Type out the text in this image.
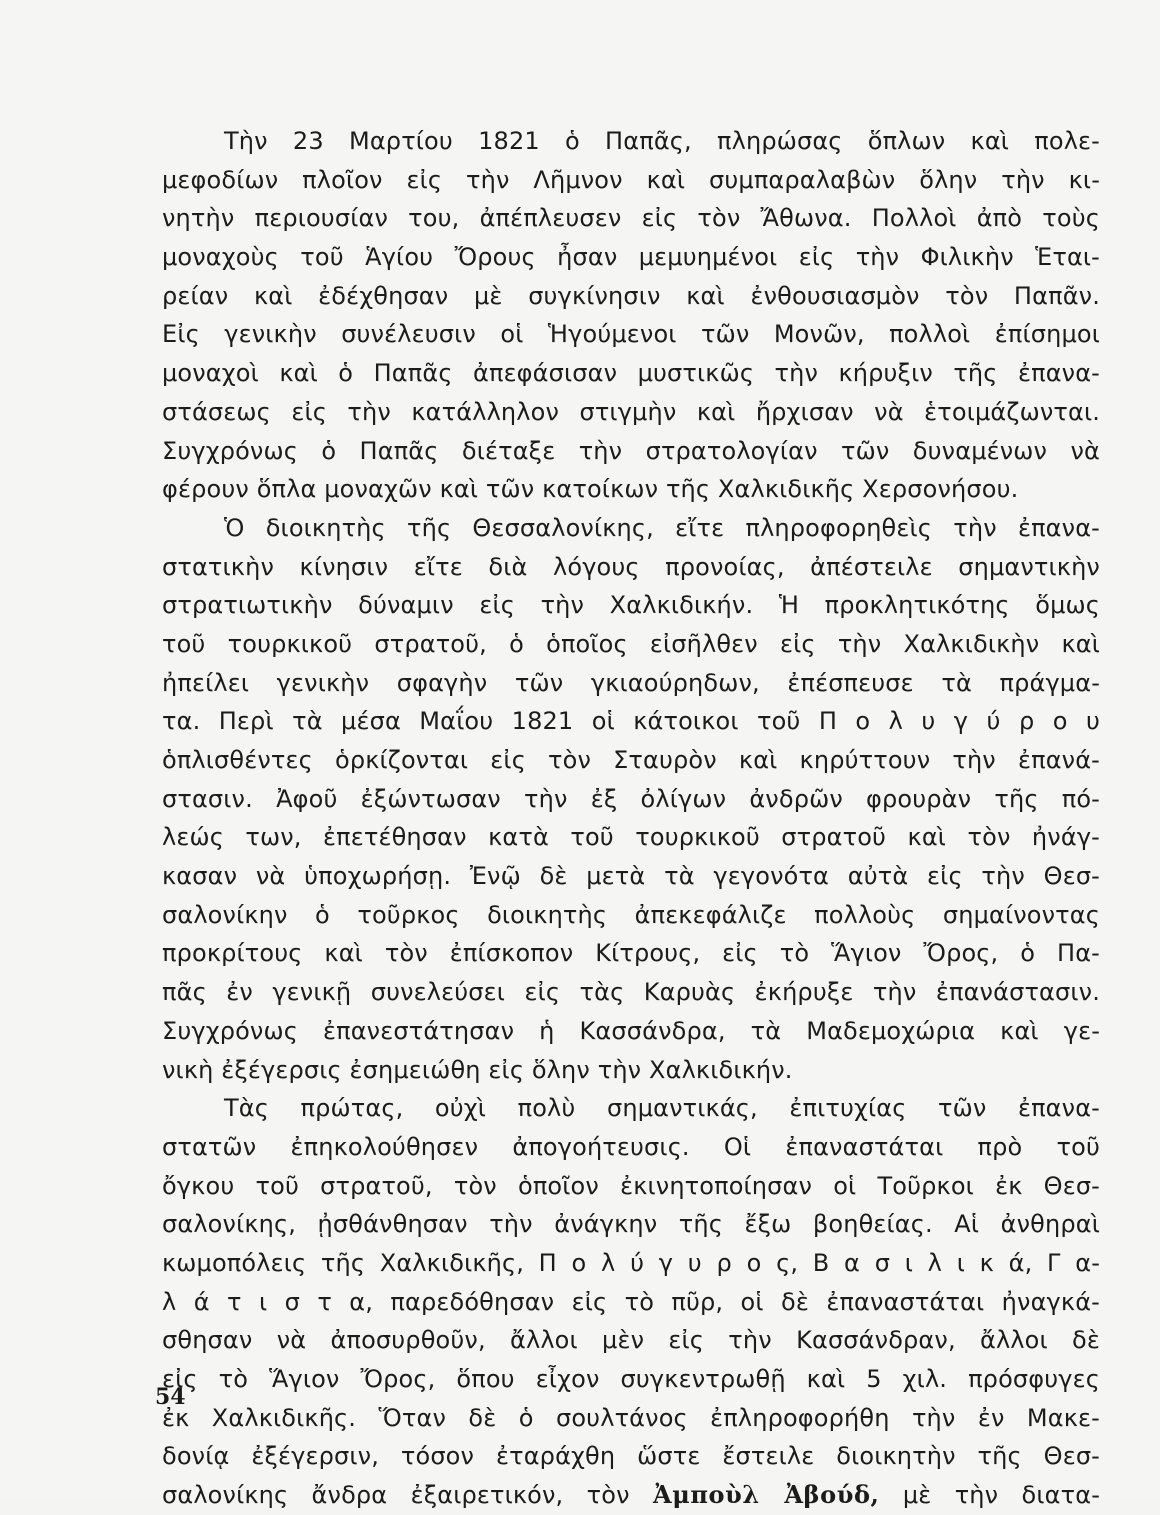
Τὴν 23 Μαρτίου 1821 ὁ Παπᾶς, πληρώσας ὅπλων καὶ πολε-
μεφοδίων πλοῖον εἰς τὴν Λῆμνον καὶ συμπαραλαβὼν ὅλην τὴν κι-
νητὴν περιουσίαν του, ἀπέπλευσεν εἰς τὸν Ἄθωνα. Πολλοὶ ἀπὸ τοὺς
μοναχοὺς τοῦ Ἁγίου Ὄρους ἦσαν μεμυημένοι εἰς τὴν Φιλικὴν Ἑται-
ρείαν καὶ ἐδέχθησαν μὲ συγκίνησιν καὶ ἐνθουσιασμὸν τὸν Παπᾶν.
Εἰς γενικὴν συνέλευσιν οἱ Ἡγούμενοι τῶν Μονῶν, πολλοὶ ἐπίσημοι
μοναχοὶ καὶ ὁ Παπᾶς ἀπεφάσισαν μυστικῶς τὴν κήρυξιν τῆς ἐπανα-
στάσεως εἰς τὴν κατάλληλον στιγμὴν καὶ ἤρχισαν νὰ ἑτοιμάζωνται.
Συγχρόνως ὁ Παπᾶς διέταξε τὴν στρατολογίαν τῶν δυναμένων νὰ
φέρουν ὅπλα μοναχῶν καὶ τῶν κατοίκων τῆς Χαλκιδικῆς Χερσονήσου.
Ὁ διοικητὴς τῆς Θεσσαλονίκης, εἴτε πληροφορηθεὶς τὴν ἐπανα-
στατικὴν κίνησιν εἴτε διὰ λόγους προνοίας, ἀπέστειλε σημαντικὴν
στρατιωτικὴν δύναμιν εἰς τὴν Χαλκιδικήν. Ἡ προκλητικότης ὅμως
τοῦ τουρκικοῦ στρατοῦ, ὁ ὁποῖος εἰσῆλθεν εἰς τὴν Χαλκιδικὴν καὶ
ἠπείλει γενικὴν σφαγὴν τῶν γκιαούρηδων, ἐπέσπευσε τὰ πράγμα-
τα. Περὶ τὰ μέσα Μαΐου 1821 οἱ κάτοικοι τοῦ Π ο λ υ γ ύ ρ ο υ
ὁπλισθέντες ὁρκίζονται εἰς τὸν Σταυρὸν καὶ κηρύττουν τὴν ἐπανά-
στασιν. Ἀφοῦ ἐξώντωσαν τὴν ἐξ ὀλίγων ἀνδρῶν φρουρὰν τῆς πό-
λεώς των, ἐπετέθησαν κατὰ τοῦ τουρκικοῦ στρατοῦ καὶ τὸν ἠνάγ-
κασαν νὰ ὑποχωρήσῃ. Ἐνῷ δὲ μετὰ τὰ γεγονότα αὐτὰ εἰς τὴν Θεσ-
σαλονίκην ὁ τοῦρκος διοικητὴς ἀπεκεφάλιζε πολλοὺς σημαίνοντας
προκρίτους καὶ τὸν ἐπίσκοπον Κίτρους, εἰς τὸ Ἅγιον Ὄρος, ὁ Πα-
πᾶς ἐν γενικῇ συνελεύσει εἰς τὰς Καρυὰς ἐκήρυξε τὴν ἐπανάστασιν.
Συγχρόνως ἐπανεστάτησαν ἡ Κασσάνδρα, τὰ Μαδεμοχώρια καὶ γε-
νικὴ ἐξέγερσις ἐσημειώθη εἰς ὅλην τὴν Χαλκιδικήν.
Τὰς πρώτας, οὐχὶ πολὺ σημαντικάς, ἐπιτυχίας τῶν ἐπανα-
στατῶν ἐπηκολούθησεν ἀπογοήτευσις. Οἱ ἐπαναστάται πρὸ τοῦ
ὄγκου τοῦ στρατοῦ, τὸν ὁποῖον ἐκινητοποίησαν οἱ Τοῦρκοι ἐκ Θεσ-
σαλονίκης, ᾐσθάνθησαν τὴν ἀνάγκην τῆς ἔξω βοηθείας. Αἱ ἀνθηραὶ
κωμοπόλεις τῆς Χαλκιδικῆς, Π ο λ ύ γ υ ρ ο ς, Β α σ ι λ ι κ ά, Γ α-
λ ά τ ι σ τ α, παρεδόθησαν εἰς τὸ πῦρ, οἱ δὲ ἐπαναστάται ἠναγκά-
σθησαν νὰ ἀποσυρθοῦν, ἄλλοι μὲν εἰς τὴν Κασσάνδραν, ἄλλοι δὲ
εἰς τὸ Ἅγιον Ὄρος, ὅπου εἶχον συγκεντρωθῇ καὶ 5 χιλ. πρόσφυγες
ἐκ Χαλκιδικῆς. Ὅταν δὲ ὁ σουλτάνος ἐπληροφορήθη τὴν ἐν Μακε-
δονίᾳ ἐξέγερσιν, τόσον ἐταράχθη ὥστε ἔστειλε διοικητὴν τῆς Θεσ-
σαλονίκης ἄνδρα ἐξαιρετικόν, τὸν Ἀμποὺλ Ἀβούδ, μὲ τὴν διατα-
54
